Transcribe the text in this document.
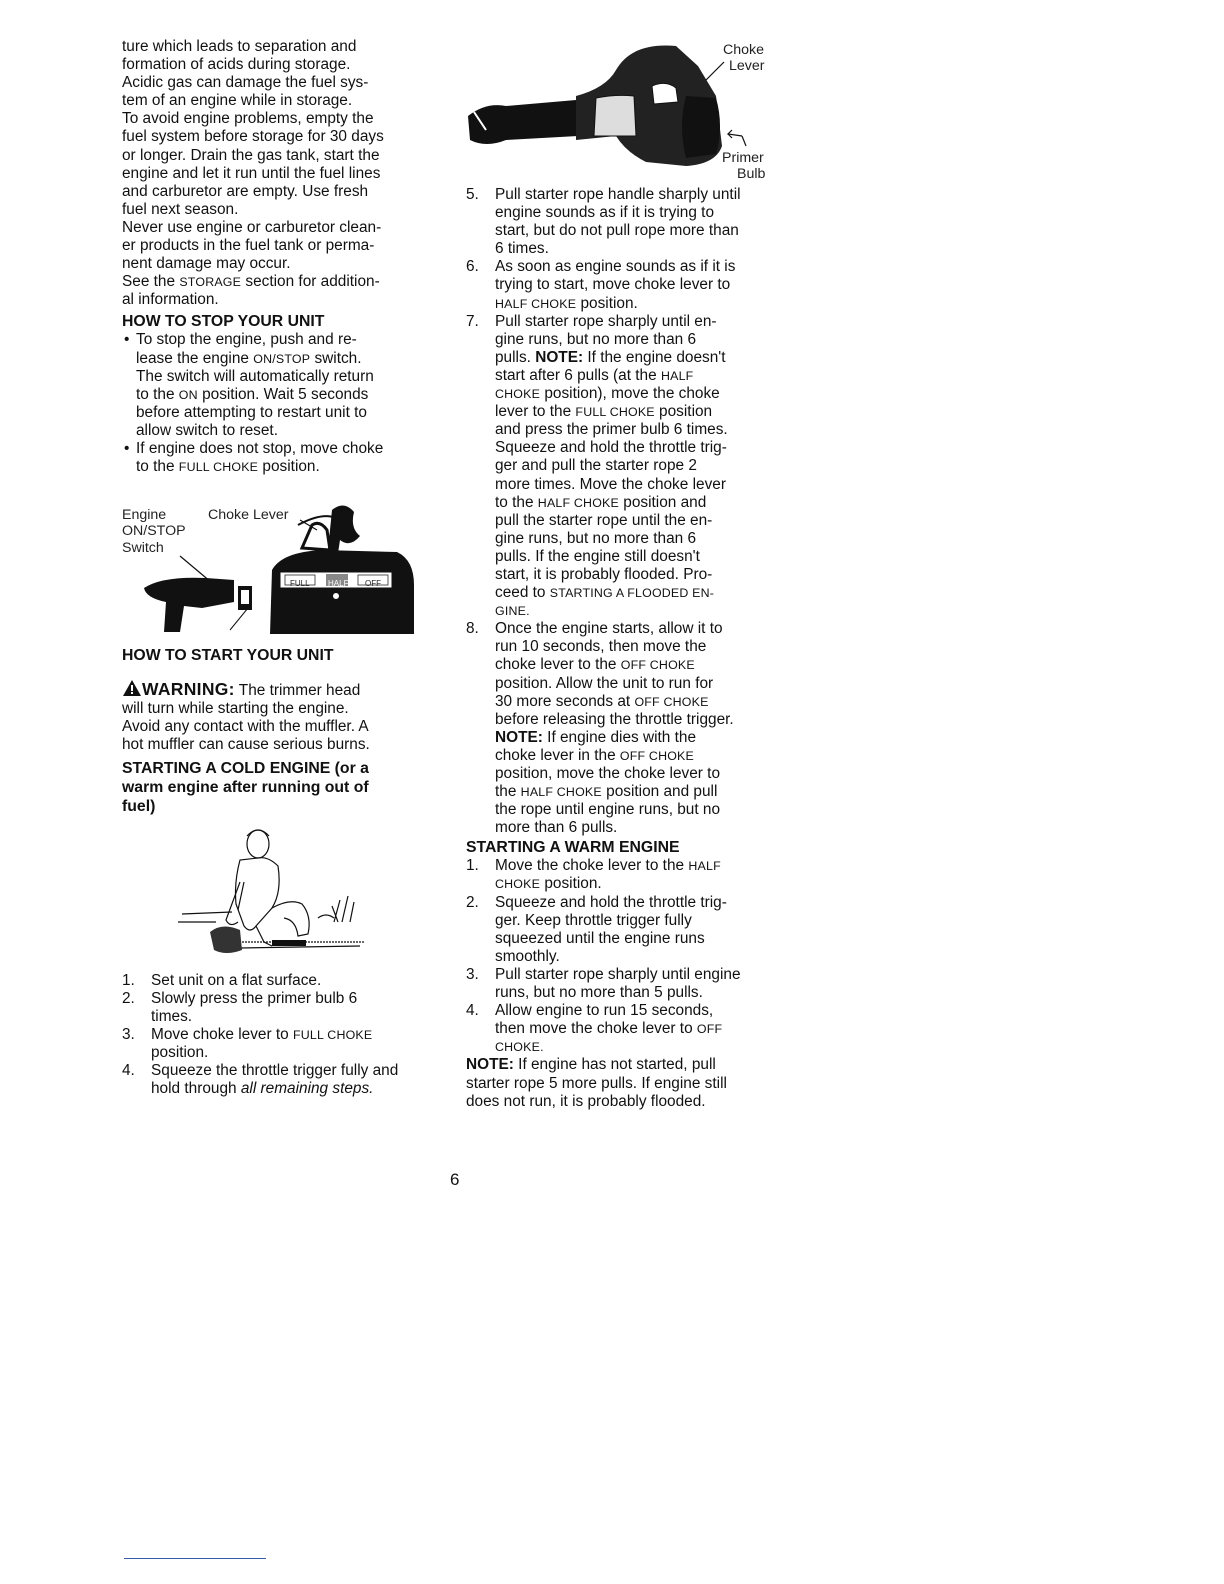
ture which leads to separation and

formation of acids during storage.

Acidic gas can damage the fuel sys-

tem of an engine while in storage.

To avoid engine problems, empty the

fuel system before storage for 30 days

or longer. Drain the gas tank, start the

engine and let it run until the fuel lines

and carburetor are empty. Use fresh

fuel next season.

Never use engine or carburetor clean-

er products in the fuel tank or perma-

nent damage may occur.

See the STORAGE section for addition-

al information.

HOW TO STOP YOUR UNIT

• To stop the engine, push and re-

lease the engine ON/STOP switch.

The switch will automatically return

to the ON position. Wait 5 seconds

before attempting to restart unit to

allow switch to reset.

• If engine does not stop, move choke

to the FULL CHOKE position.

Engine
ON/STOP
Switch
Choke Lever
FULL HALF OFF
HOW TO START YOUR UNIT

WARNING: The trimmer head

will turn while starting the engine.

Avoid any contact with the muffler. A

hot muffler can cause serious burns.

STARTING A COLD ENGINE (or a
warm engine after running out of
fuel)
1. Set unit on a flat surface.

2. Slowly press the primer bulb 6

times.

3. Move choke lever to FULL CHOKE

position.

4. Squeeze the throttle trigger fully and

hold through all remaining steps.

Choke
Lever
Primer
Bulb
5. Pull starter rope handle sharply until

engine sounds as if it is trying to

start, but do not pull rope more than

6 times.

6. As soon as engine sounds as if it is

trying to start, move choke lever to

HALF CHOKE position.

7. Pull starter rope sharply until en-

gine runs, but no more than 6

pulls. NOTE: If the engine doesn't

start after 6 pulls (at the HALF

CHOKE position), move the choke

lever to the FULL CHOKE position

and press the primer bulb 6 times.

Squeeze and hold the throttle trig-

ger and pull the starter rope 2

more times. Move the choke lever

to the HALF CHOKE position and

pull the starter rope until the en-

gine runs, but no more than 6

pulls. If the engine still doesn't

start, it is probably flooded. Pro-

ceed to STARTING A FLOODED EN-

GINE.

8. Once the engine starts, allow it to

run 10 seconds, then move the

choke lever to the OFF CHOKE

position. Allow the unit to run for

30 more seconds at OFF CHOKE

before releasing the throttle trigger.

NOTE: If engine dies with the

choke lever in the OFF CHOKE

position, move the choke lever to

the HALF CHOKE position and pull

the rope until engine runs, but no

more than 6 pulls.

STARTING A WARM ENGINE
1. Move the choke lever to the HALF

CHOKE position.

2. Squeeze and hold the throttle trig-

ger. Keep throttle trigger fully

squeezed until the engine runs

smoothly.

3. Pull starter rope sharply until engine

runs, but no more than 5 pulls.

4. Allow engine to run 15 seconds,

then move the choke lever to OFF

CHOKE.

NOTE: If engine has not started, pull

starter rope 5 more pulls. If engine still

does not run, it is probably flooded.

6
